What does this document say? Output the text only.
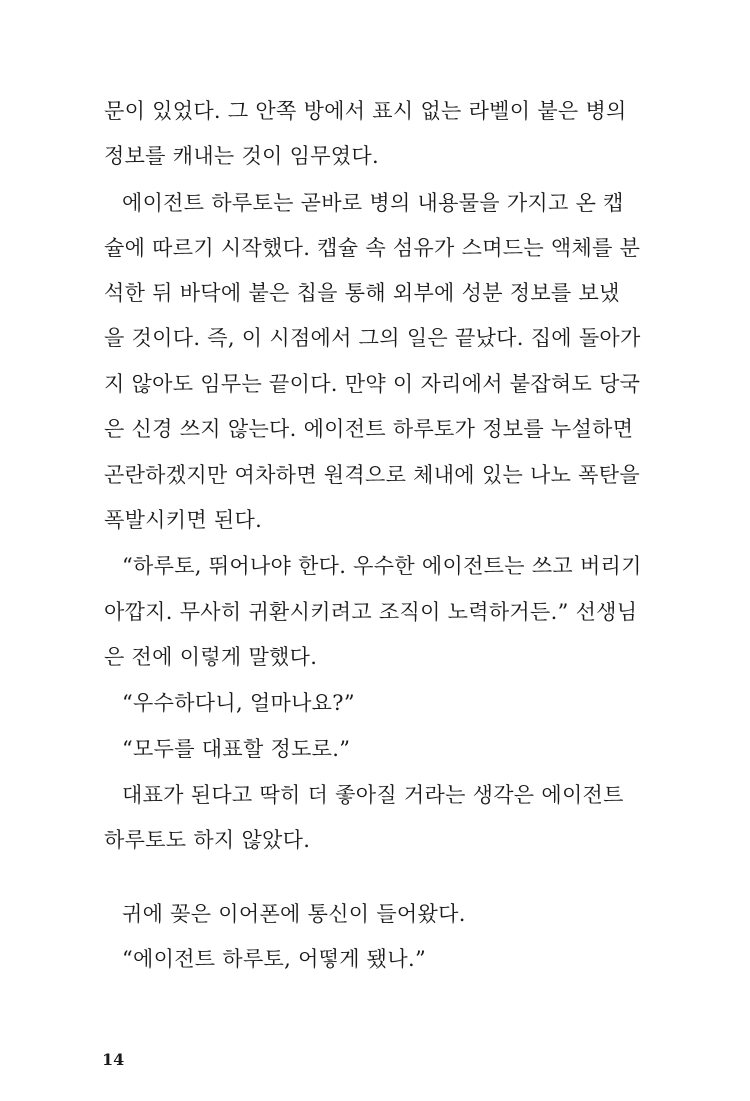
문이 있었다. 그 안쪽 방에서 표시 없는 라벨이 붙은 병의
정보를 캐내는 것이 임무였다.
에이전트 하루토는 곧바로 병의 내용물을 가지고 온 캡
슐에 따르기 시작했다. 캡슐 속 섬유가 스며드는 액체를 분
석한 뒤 바닥에 붙은 칩을 통해 외부에 성분 정보를 보냈
을 것이다. 즉, 이 시점에서 그의 일은 끝났다. 집에 돌아가
지 않아도 임무는 끝이다. 만약 이 자리에서 붙잡혀도 당국
은 신경 쓰지 않는다. 에이전트 하루토가 정보를 누설하면
곤란하겠지만 여차하면 원격으로 체내에 있는 나노 폭탄을
폭발시키면 된다.
“하루토, 뛰어나야 한다. 우수한 에이전트는 쓰고 버리기
아깝지. 무사히 귀환시키려고 조직이 노력하거든.” 선생님
은 전에 이렇게 말했다.
“우수하다니, 얼마나요?”
“모두를 대표할 정도로.”
대표가 된다고 딱히 더 좋아질 거라는 생각은 에이전트
하루토도 하지 않았다.
귀에 꽂은 이어폰에 통신이 들어왔다.
“에이전트 하루토, 어떻게 됐나.”
14
